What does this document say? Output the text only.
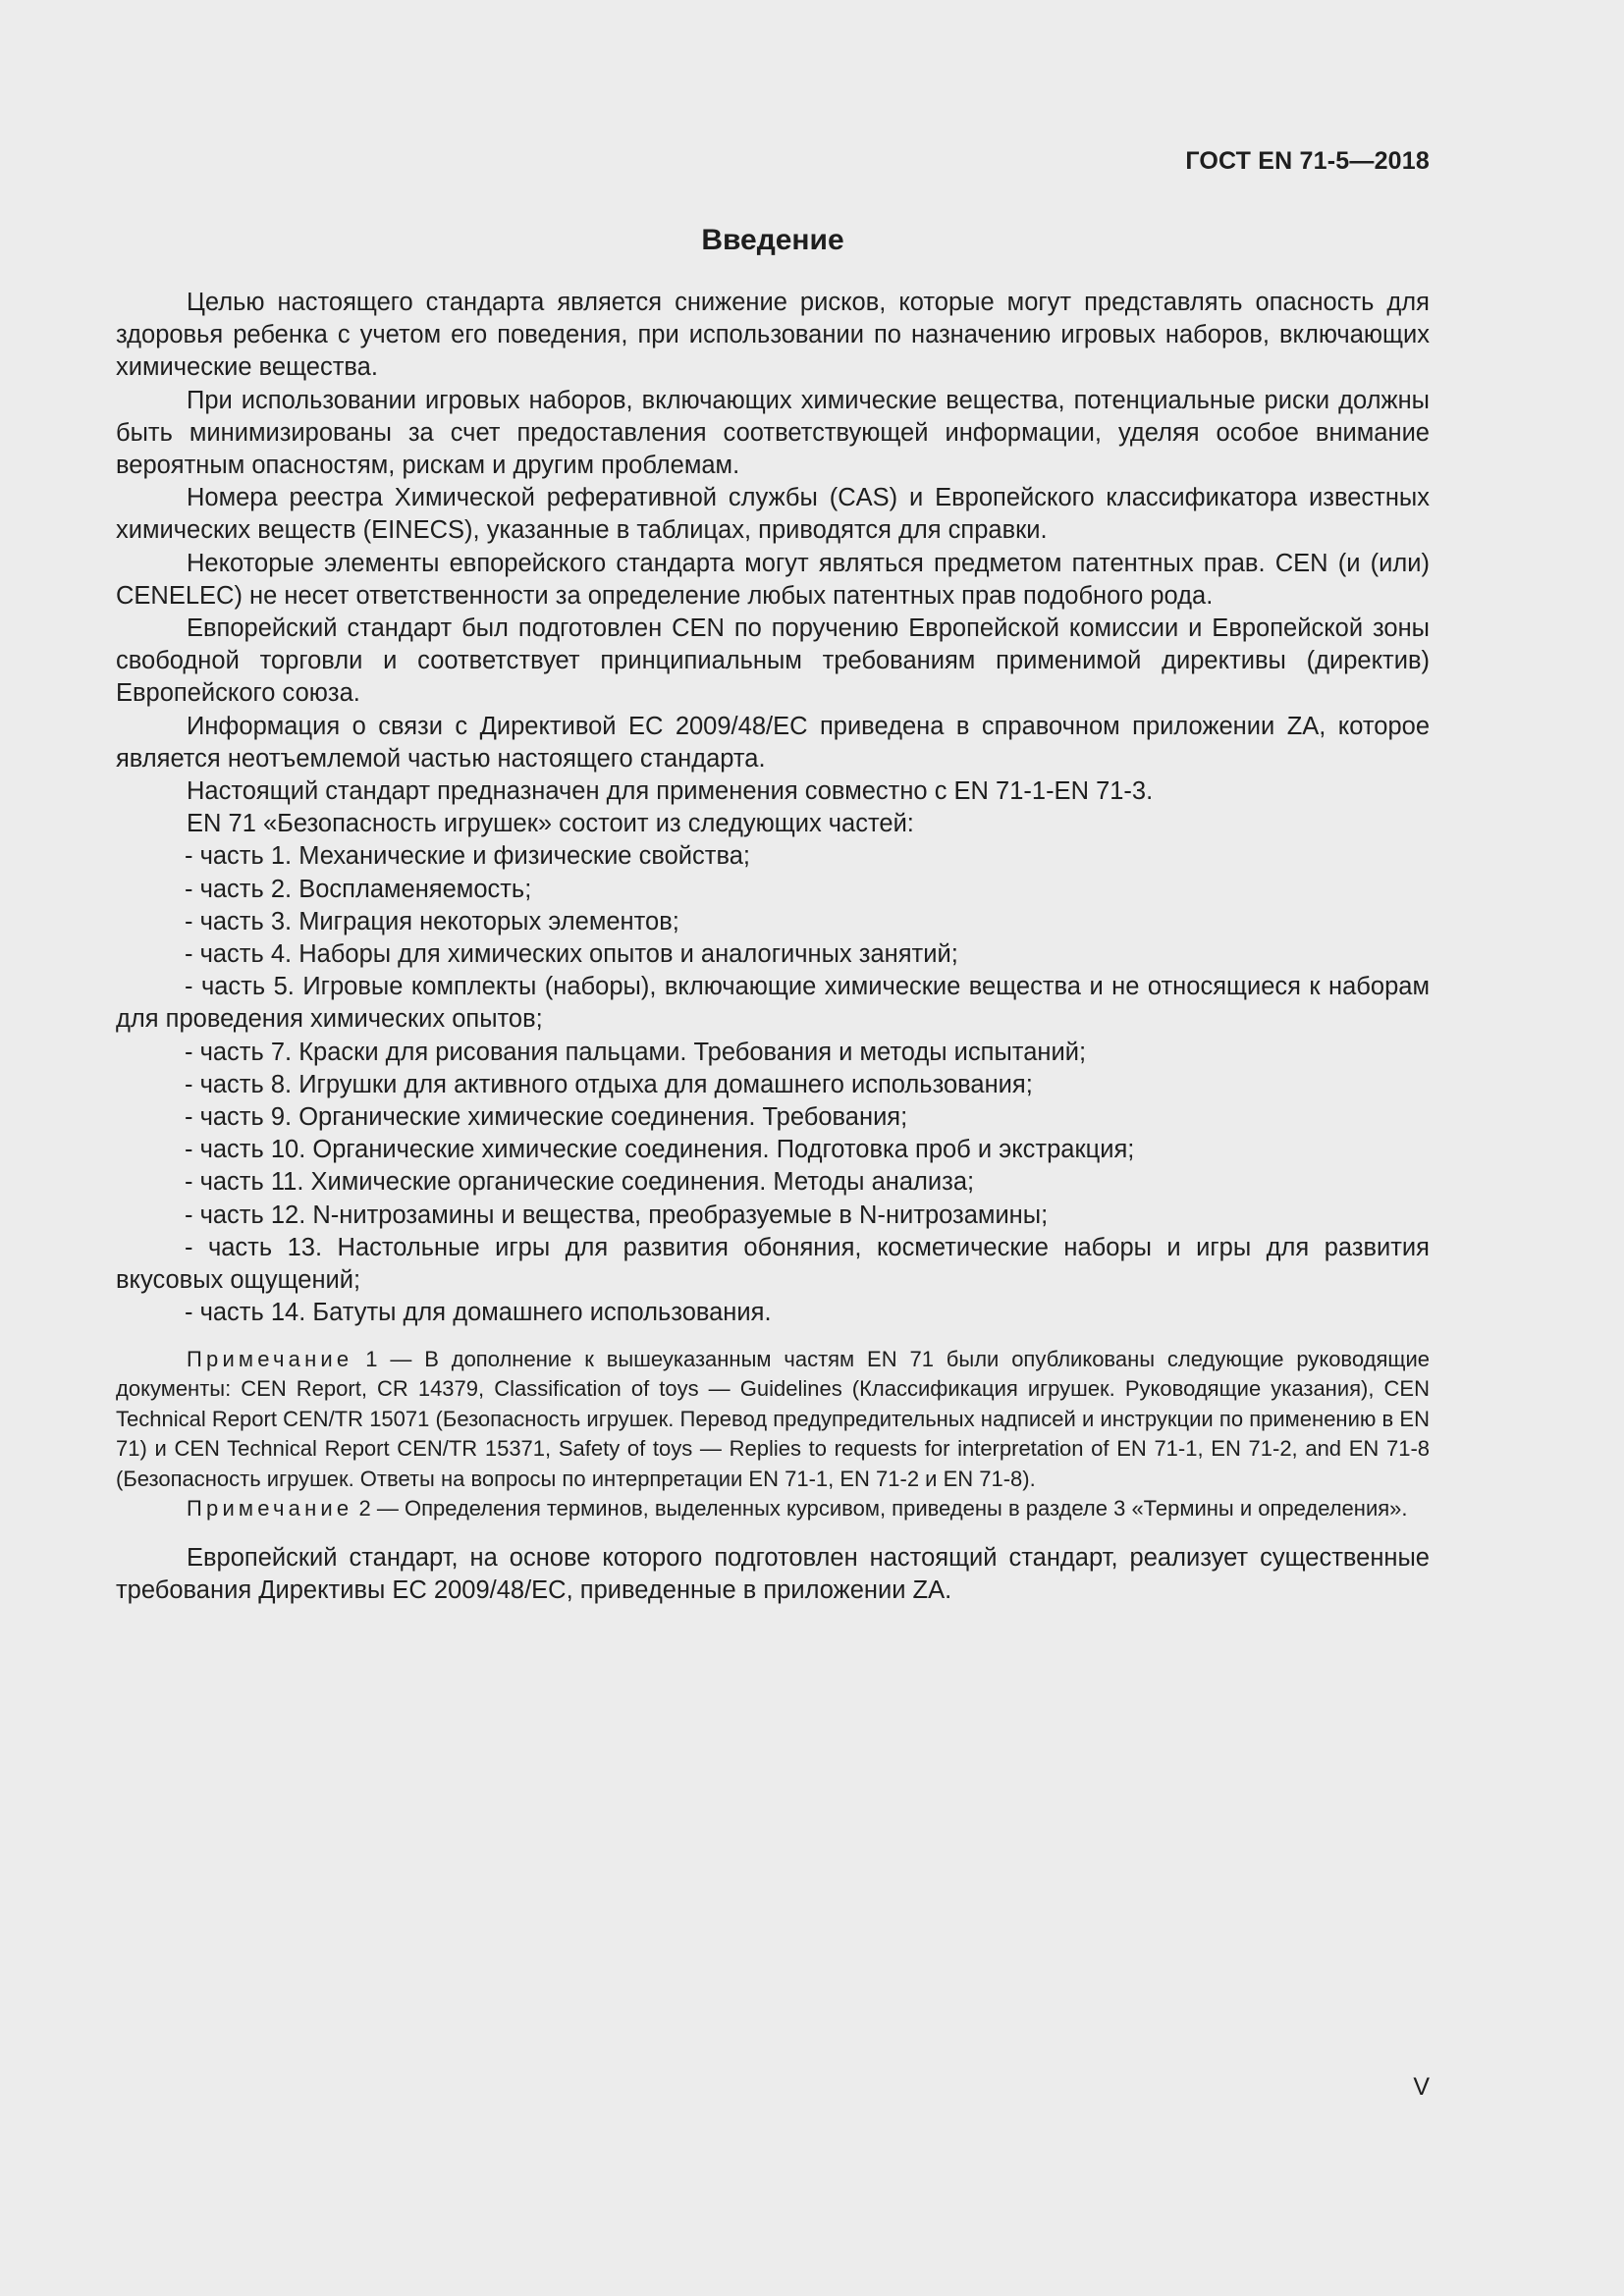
ГОСТ EN 71-5—2018
Введение

Целью настоящего стандарта является снижение рисков, которые могут представлять опасность для здоровья ребенка с учетом его поведения, при использовании по назначению игровых наборов, включающих химические вещества.

При использовании игровых наборов, включающих химические вещества, потенциальные риски должны быть минимизированы за счет предоставления соответствующей информации, уделяя особое внимание вероятным опасностям, рискам и другим проблемам.

Номера реестра Химической реферативной службы (CAS) и Европейского классификатора известных химических веществ (EINECS), указанные в таблицах, приводятся для справки.

Некоторые элементы евпорейского стандарта могут являться предметом патентных прав. CEN (и (или) CENELEC) не несет ответственности за определение любых патентных прав подобного рода.

Евпорейский стандарт был подготовлен CEN по поручению Европейской комиссии и Европейской зоны свободной торговли и соответствует принципиальным требованиям применимой директивы (директив) Европейского союза.

Информация о связи с Директивой ЕС 2009/48/ЕС приведена в справочном приложении ZA, которое является неотъемлемой частью настоящего стандарта.

Настоящий стандарт предназначен для применения совместно с EN 71-1-EN 71-3.

EN 71 «Безопасность игрушек» состоит из следующих частей:

- часть 1. Механические и физические свойства;

- часть 2. Воспламеняемость;

- часть 3. Миграция некоторых элементов;

- часть 4. Наборы для химических опытов и аналогичных занятий;

- часть 5. Игровые комплекты (наборы), включающие химические вещества и не относящиеся к наборам для проведения химических опытов;

- часть 7. Краски для рисования пальцами. Требования и методы испытаний;

- часть 8. Игрушки для активного отдыха для домашнего использования;

- часть 9. Органические химические соединения. Требования;

- часть 10. Органические химические соединения. Подготовка проб и экстракция;

- часть 11. Химические органические соединения. Методы анализа;

- часть 12. N-нитрозамины и вещества, преобразуемые в N-нитрозамины;

- часть 13. Настольные игры для развития обоняния, косметические наборы и игры для развития вкусовых ощущений;

- часть 14. Батуты для домашнего использования.

Примечание 1 — В дополнение к вышеуказанным частям EN 71 были опубликованы следующие руководящие документы: CEN Report, CR 14379, Classification of toys — Guidelines (Классификация игрушек. Руководящие указания), CEN Technical Report CEN/TR 15071 (Безопасность игрушек. Перевод предупредительных надписей и инструкции по применению в EN 71) и CEN Technical Report CEN/TR 15371, Safety of toys — Replies to requests for interpretation of EN 71-1, EN 71-2, and EN 71-8 (Безопасность игрушек. Ответы на вопросы по интерпретации EN 71-1, EN 71-2 и EN 71-8).

Примечание 2 — Определения терминов, выделенных курсивом, приведены в разделе 3 «Термины и определения».

Европейский стандарт, на основе которого подготовлен настоящий стандарт, реализует существенные требования Директивы ЕС 2009/48/ЕС, приведенные в приложении ZA.

V
